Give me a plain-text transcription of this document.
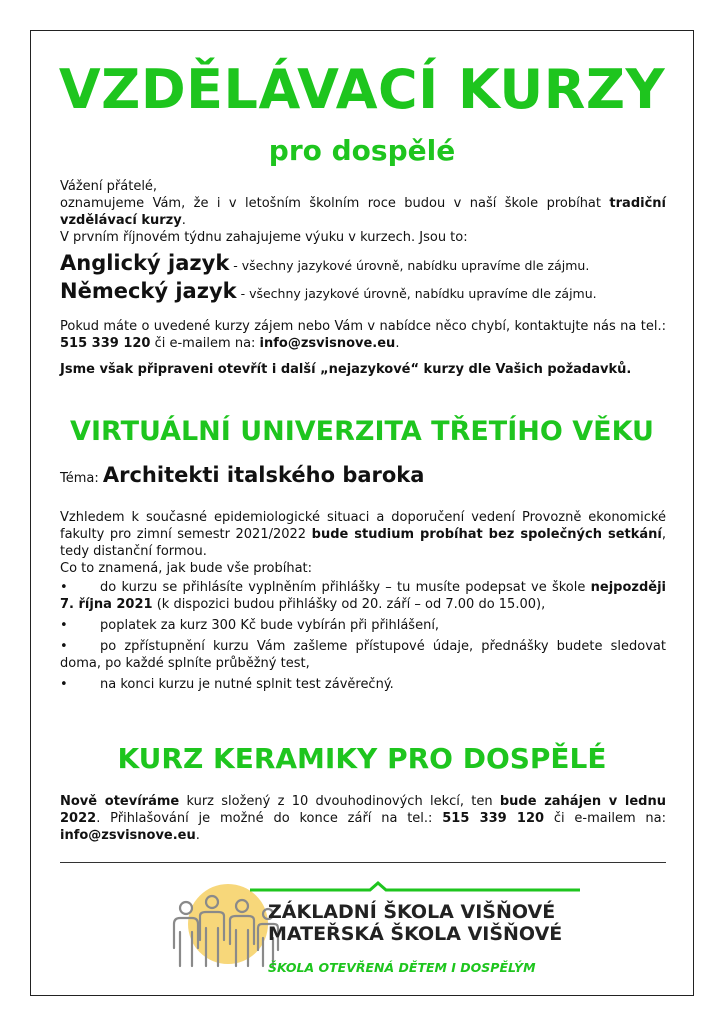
VZDĚLÁVACÍ KURZY
pro dospělé

Vážení přátelé,

oznamujeme Vám, že i v letošním školním roce budou v naší škole probíhat tradiční vzdělávací kurzy.

V prvním říjnovém týdnu zahajujeme výuku v kurzech. Jsou to:

Anglický jazyk - všechny jazykové úrovně, nabídku upravíme dle zájmu.
Německý jazyk - všechny jazykové úrovně, nabídku upravíme dle zájmu.

Pokud máte o uvedené kurzy zájem nebo Vám v nabídce něco chybí, kontaktujte nás na tel.: 515 339 120 či e-mailem na: info@zsvisnove.eu.

Jsme však připraveni otevřít i další „nejazykové“ kurzy dle Vašich požadavků.

VIRTUÁLNÍ UNIVERZITA TŘETÍHO VĚKU
Téma: Architekti italského baroka

Vzhledem k současné epidemiologické situaci a doporučení vedení Provozně ekonomické fakulty pro zimní semestr 2021/2022 bude studium probíhat bez společných setkání, tedy distanční formou.

Co to znamená, jak bude vše probíhat:

• do kurzu se přihlásíte vyplněním přihlášky – tu musíte podepsat ve škole nejpozději 7. října 2021 (k dispozici budou přihlášky od 20. září – od 7.00 do 15.00),

• poplatek za kurz 300 Kč bude vybírán při přihlášení,

• po zpřístupnění kurzu Vám zašleme přístupové údaje, přednášky budete sledovat doma, po každé splníte průběžný test,

• na konci kurzu je nutné splnit test závěrečný.

KURZ KERAMIKY PRO DOSPĚLÉ

Nově otevíráme kurz složený z 10 dvouhodinových lekcí, ten bude zahájen v lednu 2022. Přihlašování je možné do konce září na tel.: 515 339 120 či e-mailem na: info@zsvisnove.eu.

ZÁKLADNÍ ŠKOLA VIŠŇOVÉ
MATEŘSKÁ ŠKOLA VIŠŇOVÉ
ŠKOLA OTEVŘENÁ DĚTEM I DOSPĚLÝM
